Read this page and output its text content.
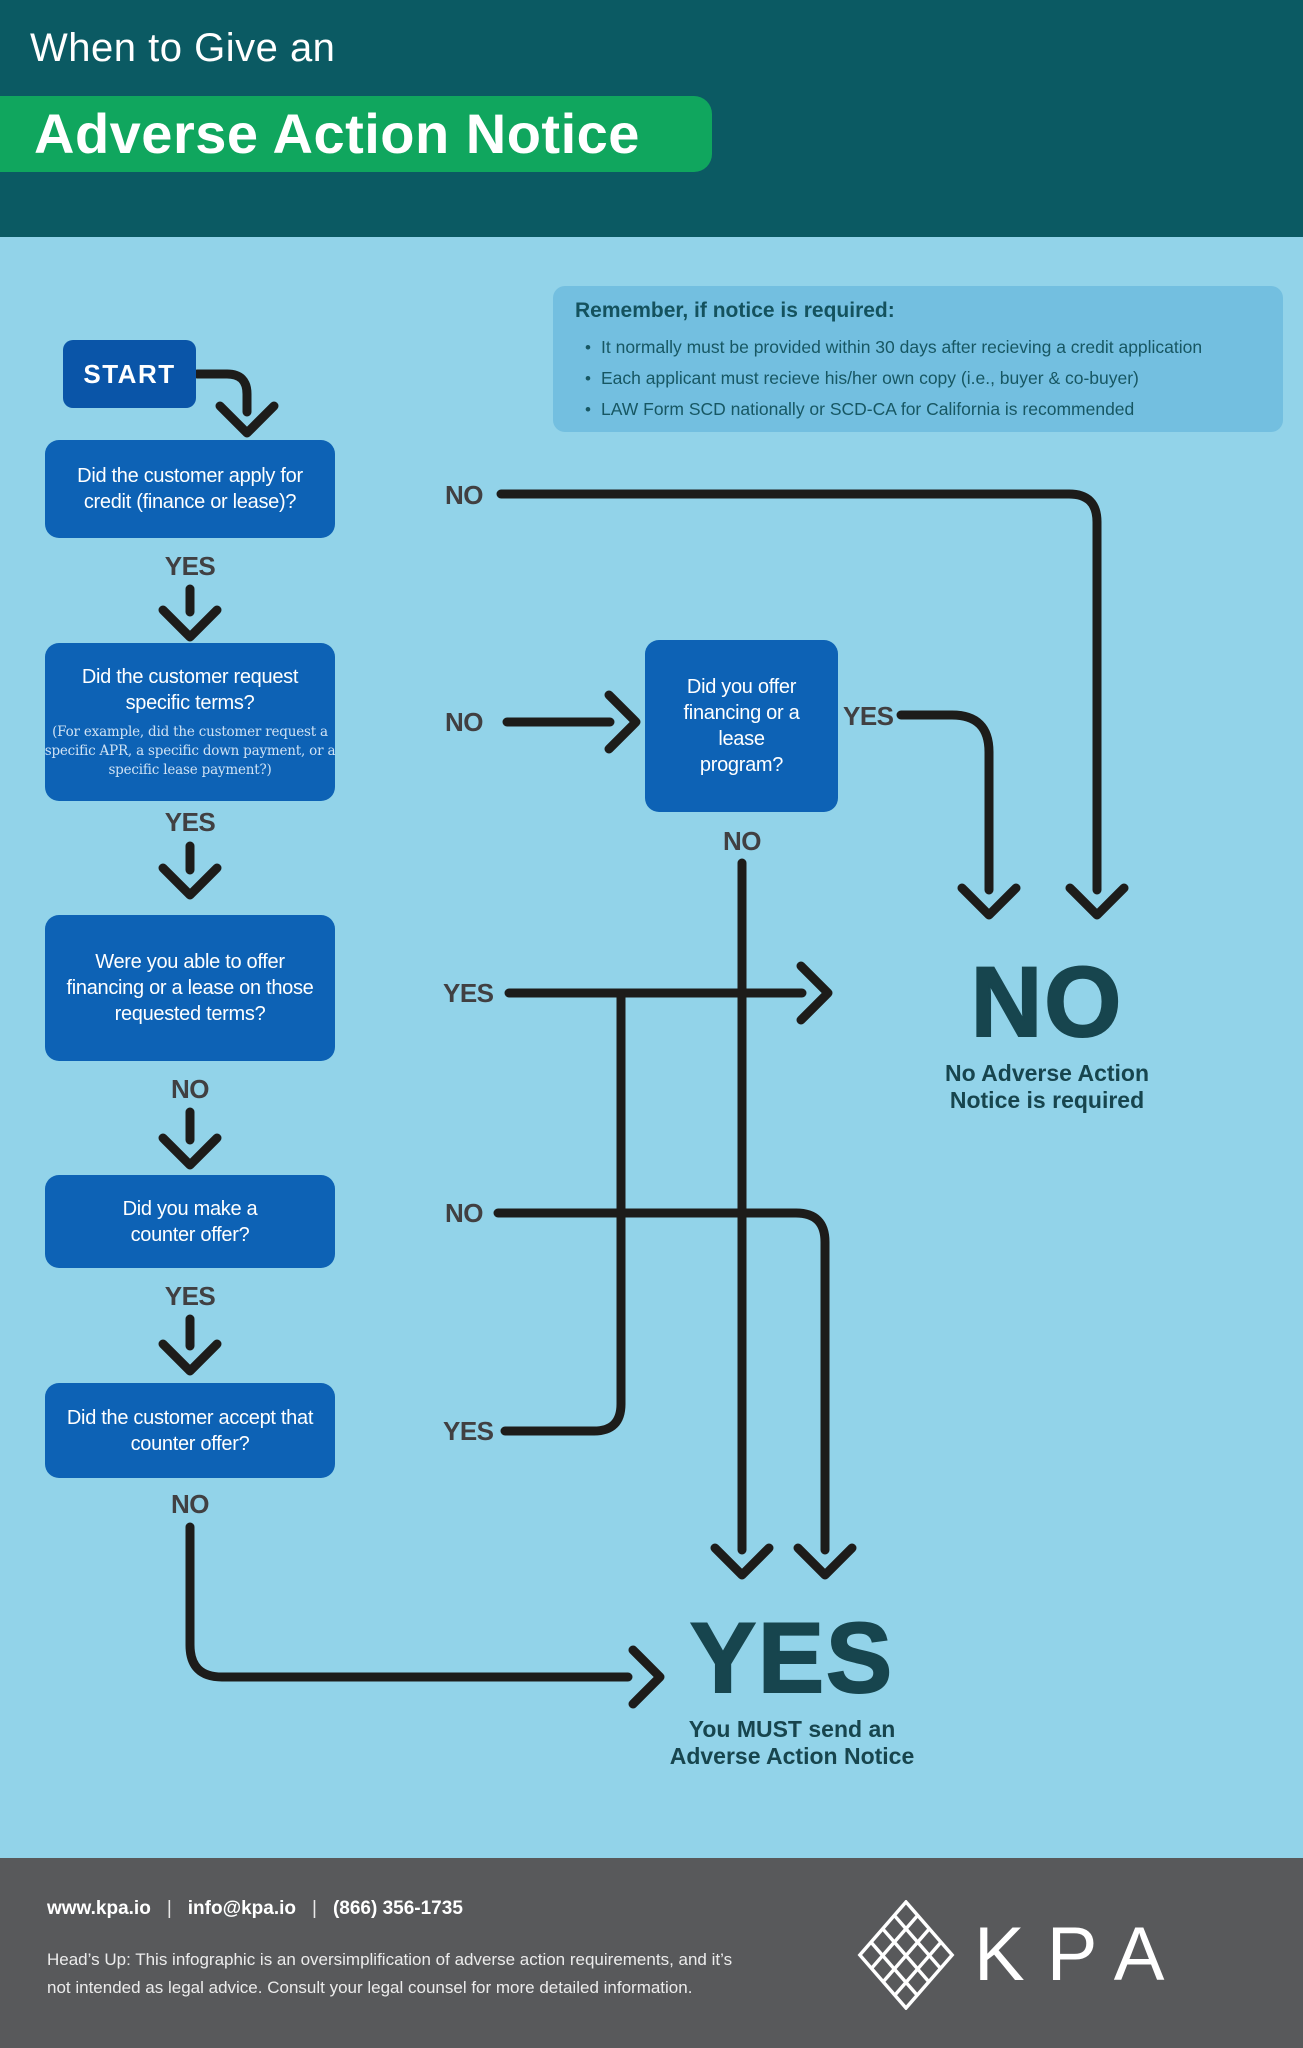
When to Give an
Adverse Action Notice
Remember, if notice is required:
• It normally must be provided within 30 days after recieving a credit application
• Each applicant must recieve his/her own copy (i.e., buyer & co-buyer)
• LAW Form SCD nationally or SCD-CA for California is recommended
START
Did the customer apply for
credit (finance or lease)?
Did the customer request
specific terms?
(For example, did the customer request a
specific APR, a specific down payment, or a
specific lease payment?)
Were you able to offer
financing or a lease on those
requested terms?
Did you make a
counter offer?
Did the customer accept that
counter offer?
Did you offer
financing or a
lease
program?
NO
YES
NO
YES
YES
NO
YES
NO
NO
YES
YES
NO
NO
No Adverse Action
Notice is required
YES
You MUST send an
Adverse Action Notice
www.kpa.io | info@kpa.io | (866) 356-1735
Head’s Up: This infographic is an oversimplification of adverse action requirements, and it’s
not intended as legal advice. Consult your legal counsel for more detailed information.	KPA
